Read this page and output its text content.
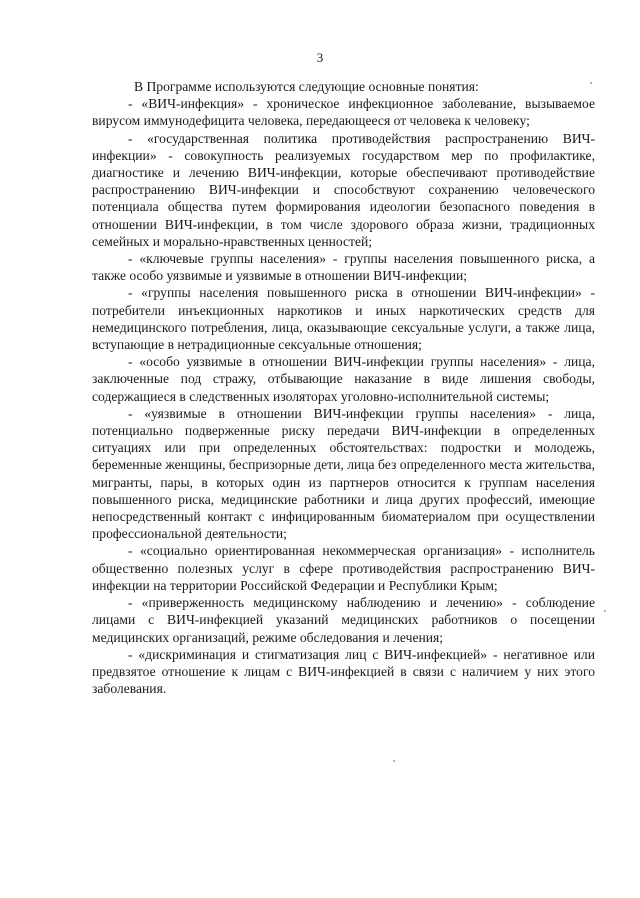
3

В Программе используются следующие основные понятия:

- «ВИЧ-инфекция» - хроническое инфекционное заболевание, вызываемое вирусом иммунодефицита человека, передающееся от человека к человеку;

- «государственная политика противодействия распространению ВИЧ-инфекции» - совокупность реализуемых государством мер по профилактике, диагностике и лечению ВИЧ-инфекции, которые обеспечивают противодействие распространению ВИЧ-инфекции и способствуют сохранению человеческого потенциала общества путем формирования идеологии безопасного поведения в отношении ВИЧ-инфекции, в том числе здорового образа жизни, традиционных семейных и морально-нравственных ценностей;

- «ключевые группы населения» - группы населения повышенного риска, а также особо уязвимые и уязвимые в отношении ВИЧ-инфекции;

- «группы населения повышенного риска в отношении ВИЧ-инфекции» - потребители инъекционных наркотиков и иных наркотических средств для немедицинского потребления, лица, оказывающие сексуальные услуги, а также лица, вступающие в нетрадиционные сексуальные отношения;

- «особо уязвимые в отношении ВИЧ-инфекции группы населения» - лица, заключенные под стражу, отбывающие наказание в виде лишения свободы, содержащиеся в следственных изоляторах уголовно-исполнительной системы;

- «уязвимые в отношении ВИЧ-инфекции группы населения» - лица, потенциально подверженные риску передачи ВИЧ-инфекции в определенных ситуациях или при определенных обстоятельствах: подростки и молодежь, беременные женщины, беспризорные дети, лица без определенного места жительства, мигранты, пары, в которых один из партнеров относится к группам населения повышенного риска, медицинские работники и лица других профессий, имеющие непосредственный контакт с инфицированным биоматериалом при осуществлении профессиональной деятельности;

- «социально ориентированная некоммерческая организация» - исполнитель общественно полезных услуг в сфере противодействия распространению ВИЧ-инфекции на территории Российской Федерации и Республики Крым;

- «приверженность медицинскому наблюдению и лечению» - соблюдение лицами с ВИЧ-инфекцией указаний медицинских работников о посещении медицинских организаций, режиме обследования и лечения;

- «дискриминация и стигматизация лиц с ВИЧ-инфекцией» - негативное или предвзятое отношение к лицам с ВИЧ-инфекцией в связи с наличием у них этого заболевания.
